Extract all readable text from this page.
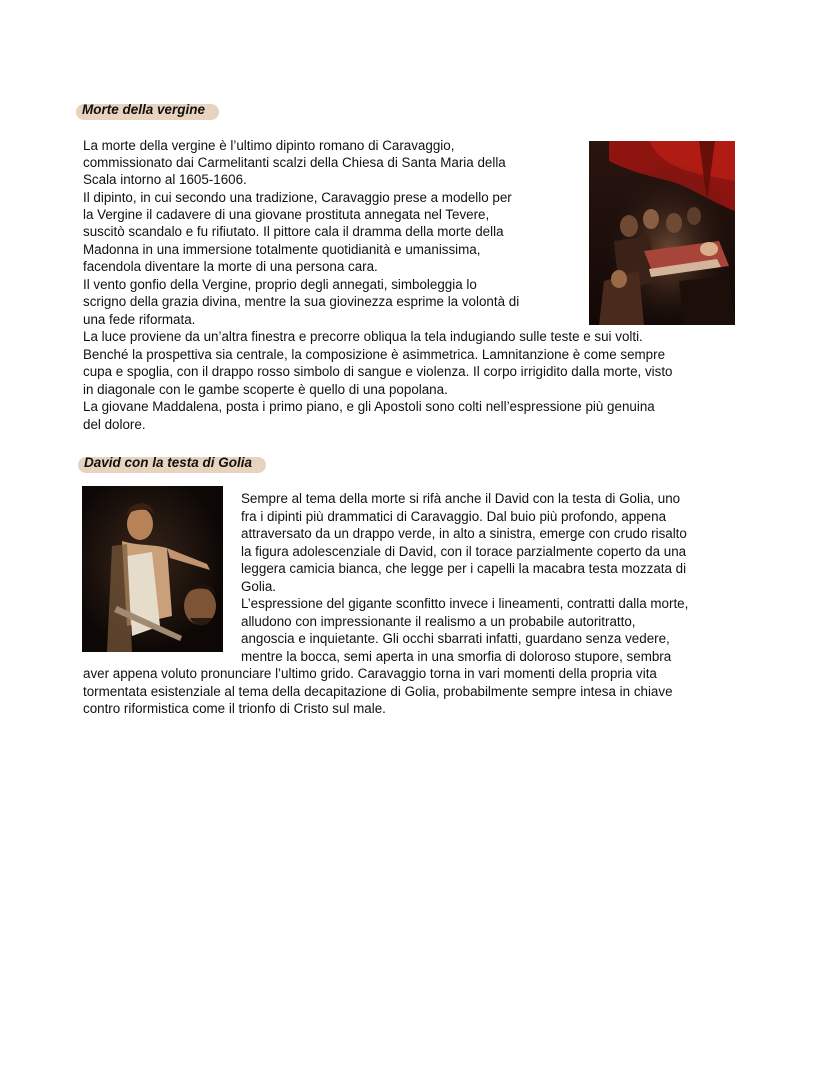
Morte della vergine
La morte della vergine è l’ultimo dipinto romano di Caravaggio,
commissionato dai Carmelitanti scalzi della Chiesa di Santa Maria della
Scala intorno al 1605-1606.
Il dipinto, in cui secondo una tradizione, Caravaggio prese a modello per
la Vergine il cadavere di una giovane prostituta annegata nel Tevere,
suscitò scandalo e fu rifiutato. Il pittore cala il dramma della morte della
Madonna in una immersione totalmente quotidianità e umanissima,
facendola diventare la morte di una persona cara.
Il vento gonfio della Vergine, proprio degli annegati, simboleggia lo
scrigno della grazia divina, mentre la sua giovinezza esprime la volontà di
una fede riformata.
La luce proviene da un’altra finestra e precorre obliqua la tela indugiando sulle teste e sui volti.
Benché la prospettiva sia centrale, la composizione è asimmetrica. Lamnitanzione è come sempre
cupa e spoglia, con il drappo rosso simbolo di sangue e violenza. Il corpo irrigidito dalla morte, visto
in diagonale con le gambe scoperte è quello di una popolana.
La giovane Maddalena, posta i primo piano, e gli Apostoli sono colti nell’espressione più genuina
del dolore.
David con la testa di Golia
Sempre al tema della morte si rifà anche il David con la testa di Golia, uno
fra i dipinti più drammatici di Caravaggio. Dal buio più profondo, appena
attraversato da un drappo verde, in alto a sinistra, emerge con crudo risalto
la figura adolescenziale di David, con il torace parzialmente coperto da una
leggera camicia bianca, che legge per i capelli la macabra testa mozzata di
Golia.
L’espressione del gigante sconfitto invece i lineamenti, contratti dalla morte,
alludono con impressionante il realismo a un probabile autoritratto,
angoscia e inquietante. Gli occhi sbarrati infatti, guardano senza vedere,
mentre la bocca, semi aperta in una smorfia di doloroso stupore, sembra
aver appena voluto pronunciare l’ultimo grido. Caravaggio torna in vari momenti della propria vita
tormentata esistenziale al tema della decapitazione di Golia, probabilmente sempre intesa in chiave
contro riformistica come il trionfo di Cristo sul male.
